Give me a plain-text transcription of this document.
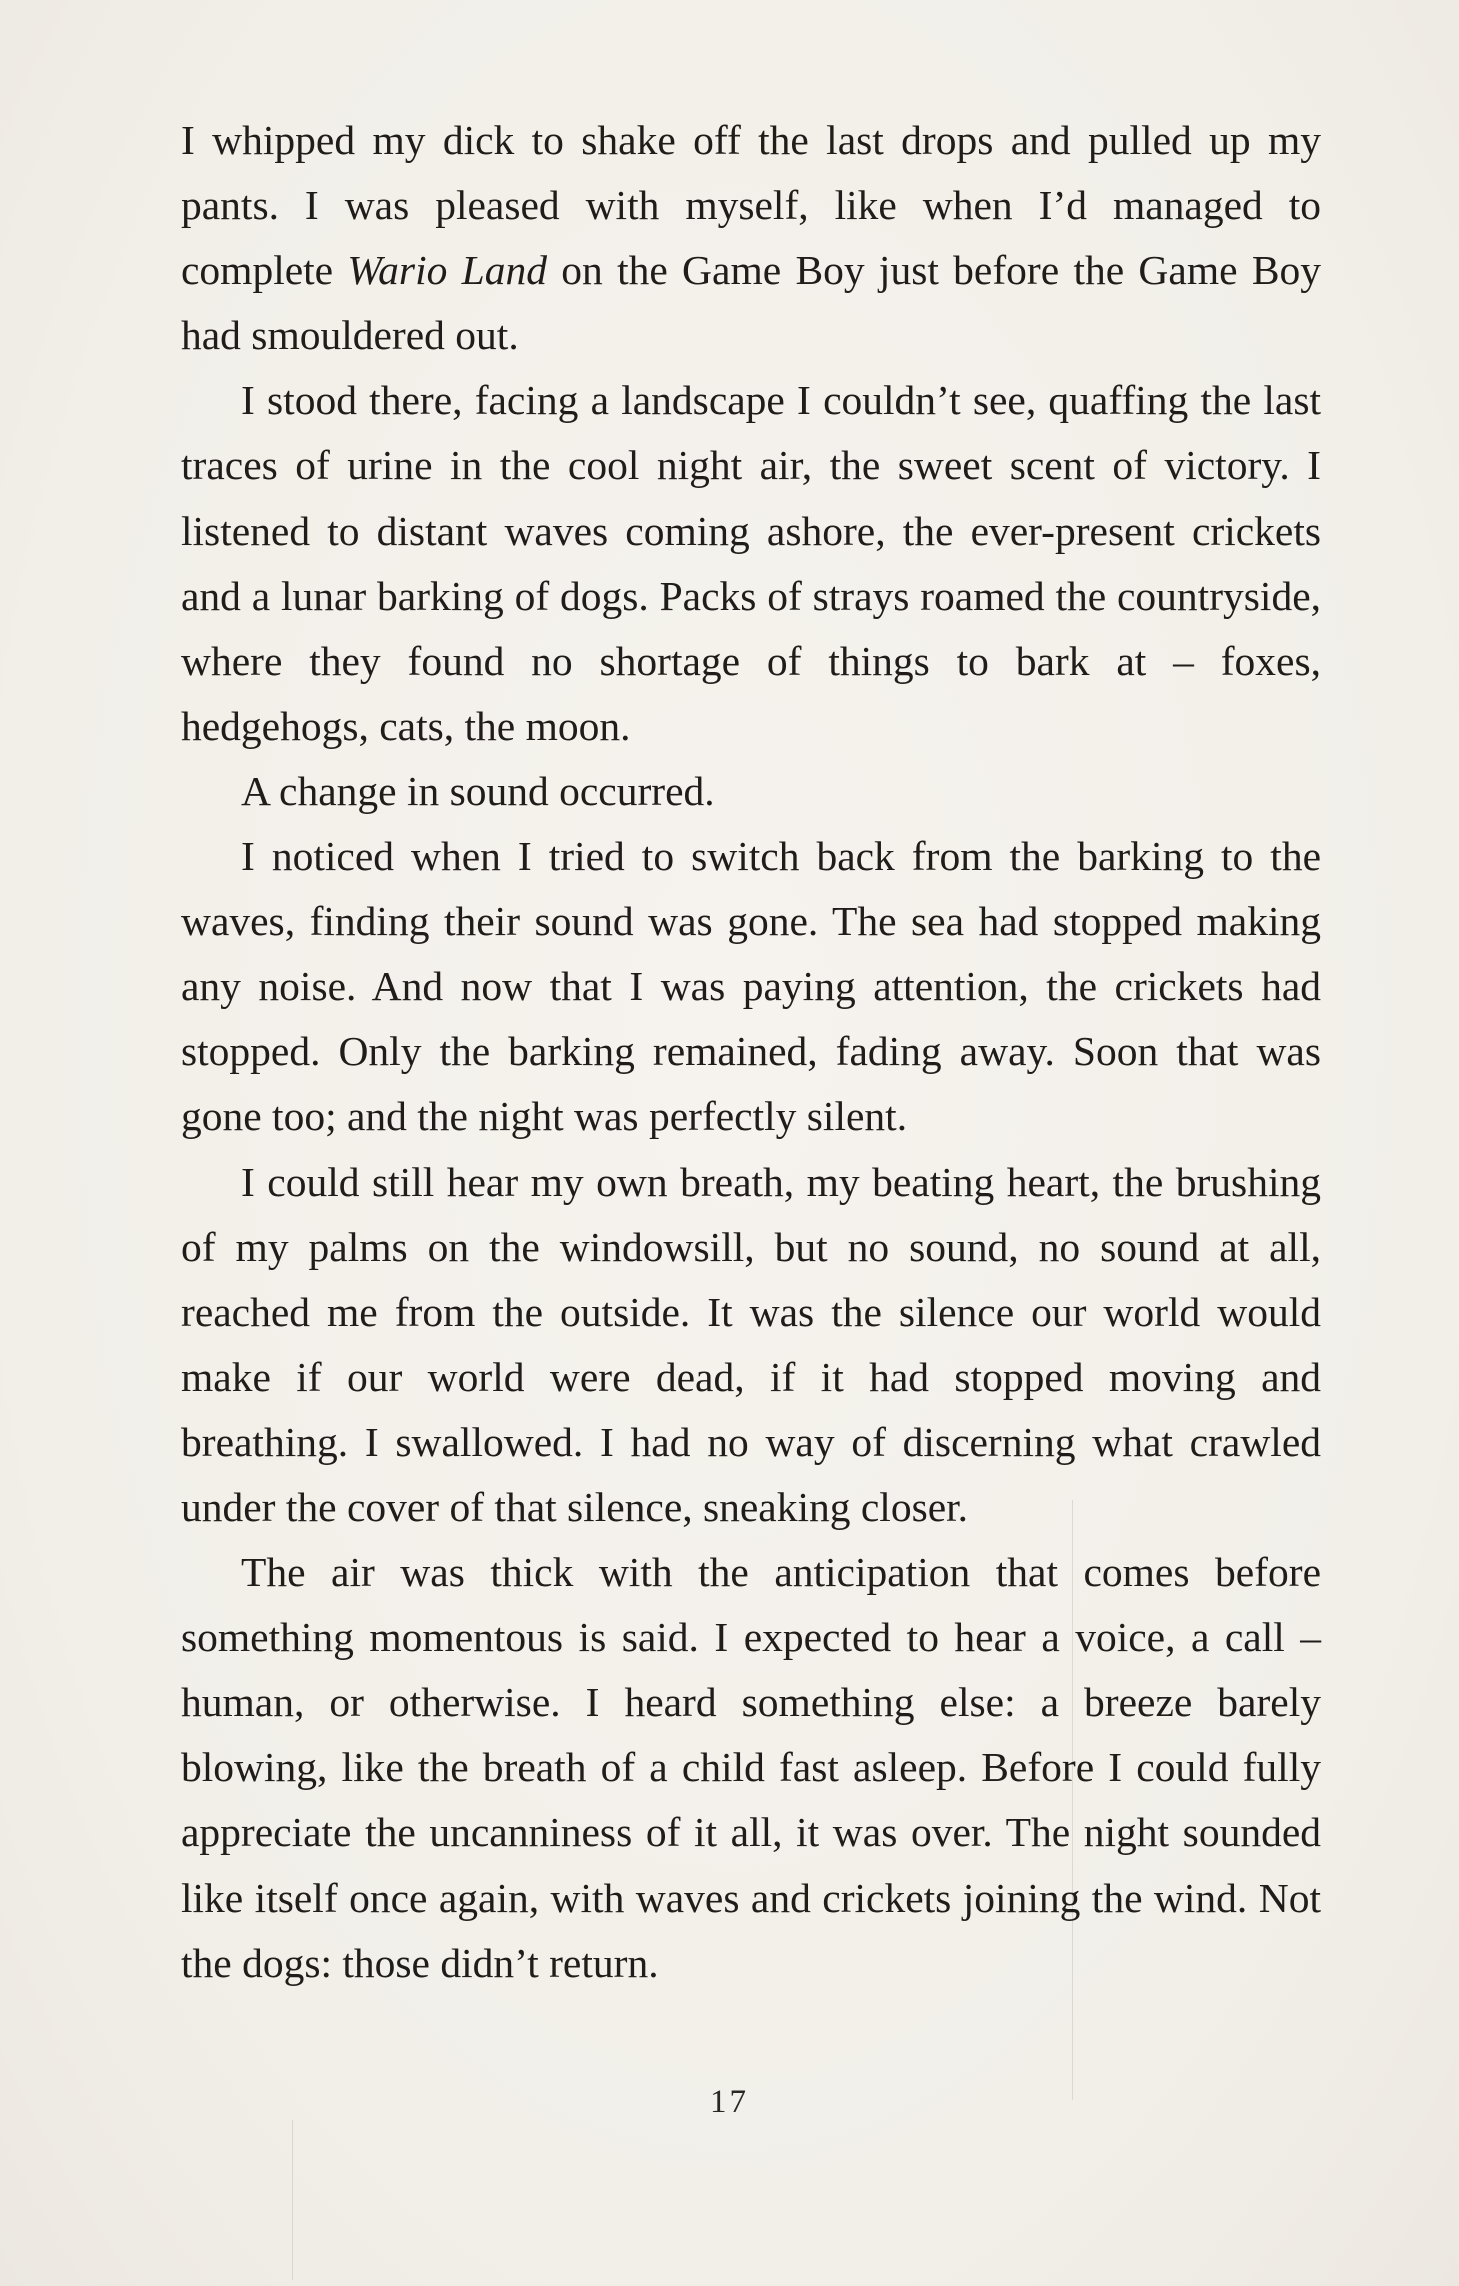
I whipped my dick to shake off the last drops and pulled up my pants. I was pleased with myself, like when I’d managed to complete Wario Land on the Game Boy just before the Game Boy had smouldered out.

I stood there, facing a landscape I couldn’t see, quaffing the last traces of urine in the cool night air, the sweet scent of victory. I listened to distant waves coming ashore, the ever-present crickets and a lunar barking of dogs. Packs of strays roamed the countryside, where they found no shortage of things to bark at – foxes, hedgehogs, cats, the moon.

A change in sound occurred.

I noticed when I tried to switch back from the barking to the waves, finding their sound was gone. The sea had stopped making any noise. And now that I was paying attention, the crickets had stopped. Only the barking remained, fading away. Soon that was gone too; and the night was perfectly silent.

I could still hear my own breath, my beating heart, the brushing of my palms on the windowsill, but no sound, no sound at all, reached me from the outside. It was the silence our world would make if our world were dead, if it had stopped moving and breathing. I swallowed. I had no way of discerning what crawled under the cover of that silence, sneaking closer.

The air was thick with the anticipation that comes before something momentous is said. I expected to hear a voice, a call – human, or otherwise. I heard something else: a breeze barely blowing, like the breath of a child fast asleep. Before I could fully appreciate the uncanniness of it all, it was over. The night sounded like itself once again, with waves and crickets joining the wind. Not the dogs: those didn’t return.

17
